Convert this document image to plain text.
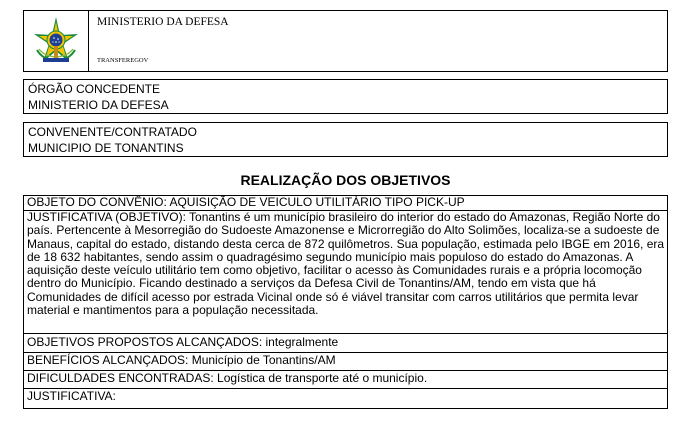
MINISTERIO DA DEFESA
TRANSFEREGOV
ÓRGÃO CONCEDENTE
MINISTERIO DA DEFESA
CONVENENTE/CONTRATADO
MUNICIPIO DE TONANTINS
REALIZAÇÃO DOS OBJETIVOS
OBJETO DO CONVÊNIO: AQUISIÇÃO DE VEICULO UTILITÁRIO TIPO PICK-UP
JUSTIFICATIVA (OBJETIVO): Tonantins é um município brasileiro do interior do estado do Amazonas, Região Norte do
país. Pertencente à Mesorregião do Sudoeste Amazonense e Microrregião do Alto Solimões, localiza-se a sudoeste de
Manaus, capital do estado, distando desta cerca de 872 quilômetros. Sua população, estimada pelo IBGE em 2016, era
de 18 632 habitantes, sendo assim o quadragésimo segundo município mais populoso do estado do Amazonas. A
aquisição deste veículo utilitário tem como objetivo, facilitar o acesso às Comunidades rurais e a própria locomoção
dentro do Município. Ficando destinado a serviços da Defesa Civil de Tonantins/AM, tendo em vista que há
Comunidades de difícil acesso por estrada Vicinal onde só é viável transitar com carros utilitários que permita levar
material e mantimentos para a população necessitada.
OBJETIVOS PROPOSTOS ALCANÇADOS: integralmente
BENEFÍCIOS ALCANÇADOS: Município de Tonantins/AM
DIFICULDADES ENCONTRADAS: Logística de transporte até o município.
JUSTIFICATIVA:
